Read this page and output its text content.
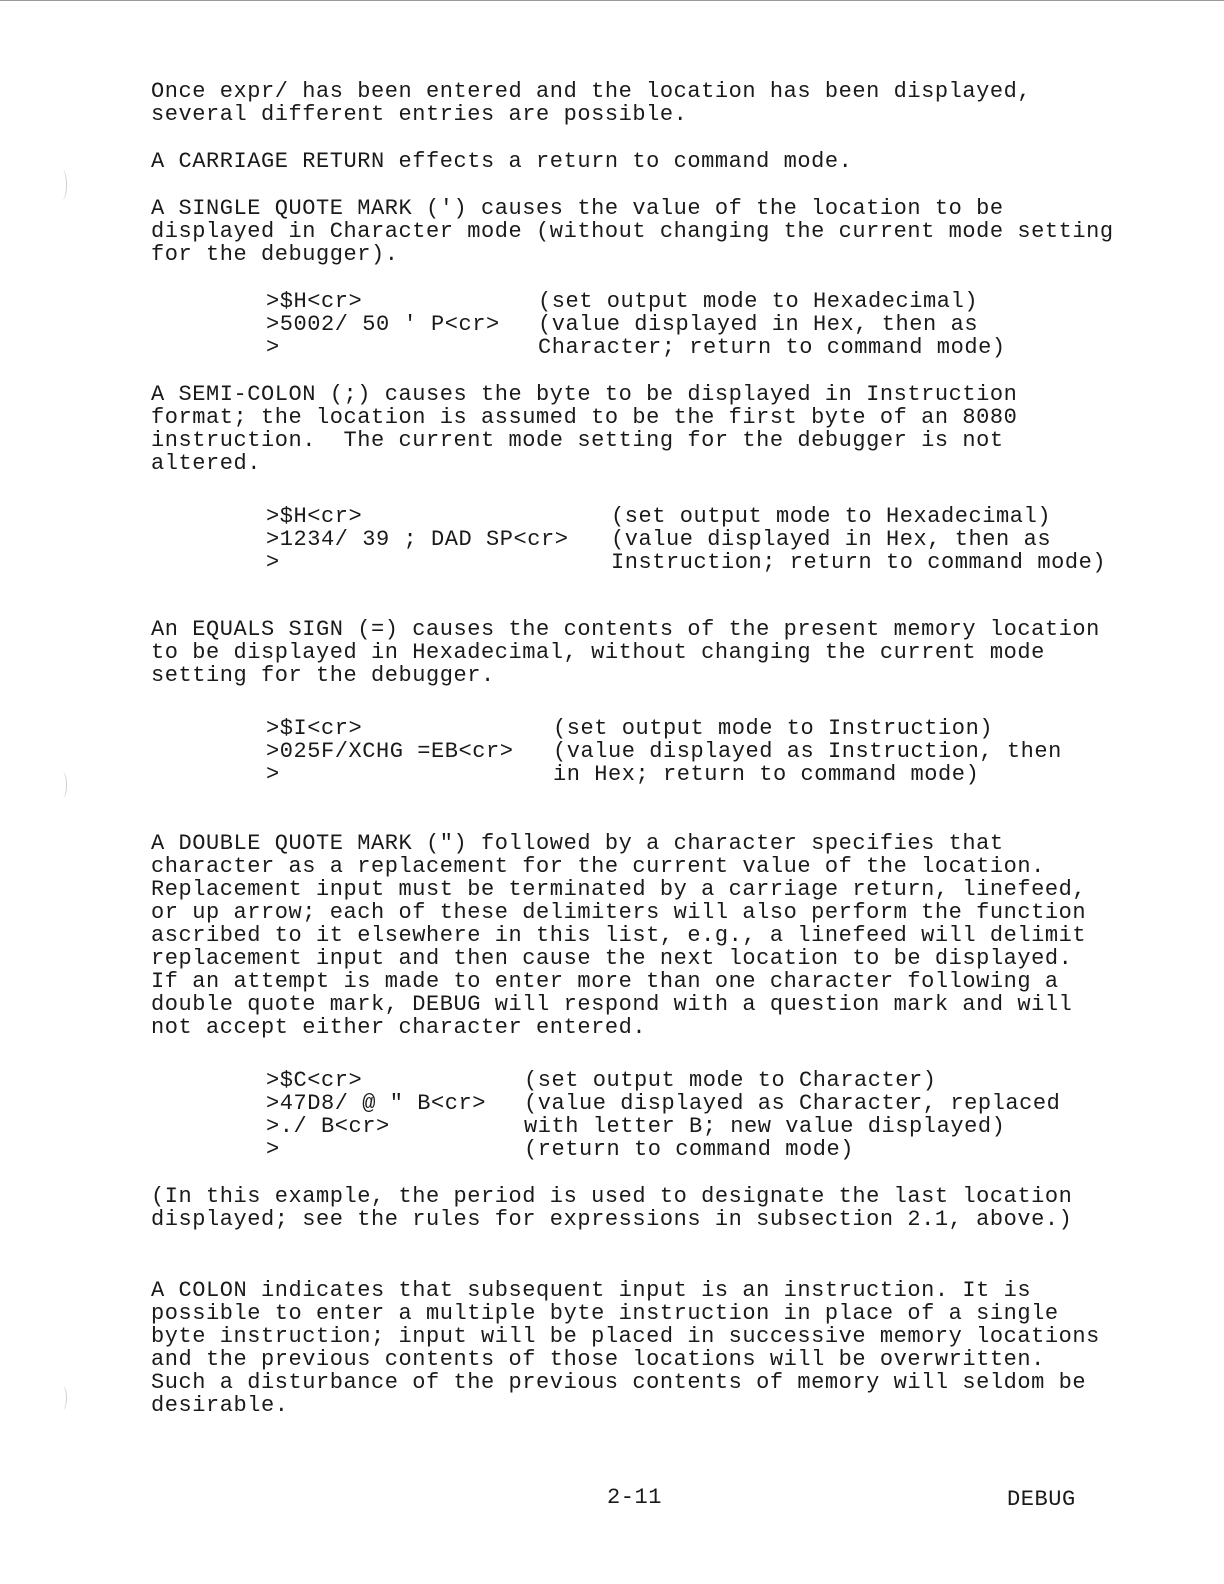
Once expr/ has been entered and the location has been displayed,
several different entries are possible.
A CARRIAGE RETURN effects a return to command mode.
A SINGLE QUOTE MARK (') causes the value of the location to be
displayed in Character mode (without changing the current mode setting
for the debugger).
>$H<cr>	(set output mode to Hexadecimal)
>5002/ 50 ' P<cr>	(value displayed in Hex, then as
>	Character; return to command mode)
A SEMI-COLON (;) causes the byte to be displayed in Instruction
format; the location is assumed to be the first byte of an 8080
instruction.  The current mode setting for the debugger is not
altered.
>$H<cr>	(set output mode to Hexadecimal)
>1234/ 39 ; DAD SP<cr>	(value displayed in Hex, then as
>	Instruction; return to command mode)
An EQUALS SIGN (=) causes the contents of the present memory location
to be displayed in Hexadecimal, without changing the current mode
setting for the debugger.
>$I<cr>	(set output mode to Instruction)
>025F/XCHG =EB<cr>	(value displayed as Instruction, then
>	in Hex; return to command mode)
A DOUBLE QUOTE MARK (") followed by a character specifies that
character as a replacement for the current value of the location.
Replacement input must be terminated by a carriage return, linefeed,
or up arrow; each of these delimiters will also perform the function
ascribed to it elsewhere in this list, e.g., a linefeed will delimit
replacement input and then cause the next location to be displayed.
If an attempt is made to enter more than one character following a
double quote mark, DEBUG will respond with a question mark and will
not accept either character entered.
>$C<cr>	(set output mode to Character)
>47D8/ @ " B<cr>	(value displayed as Character, replaced
>./ B<cr>	with letter B; new value displayed)
>	(return to command mode)
(In this example, the period is used to designate the last location
displayed; see the rules for expressions in subsection 2.1, above.)
A COLON indicates that subsequent input is an instruction. It is
possible to enter a multiple byte instruction in place of a single
byte instruction; input will be placed in successive memory locations
and the previous contents of those locations will be overwritten.
Such a disturbance of the previous contents of memory will seldom be
desirable.
2-11	DEBUG
